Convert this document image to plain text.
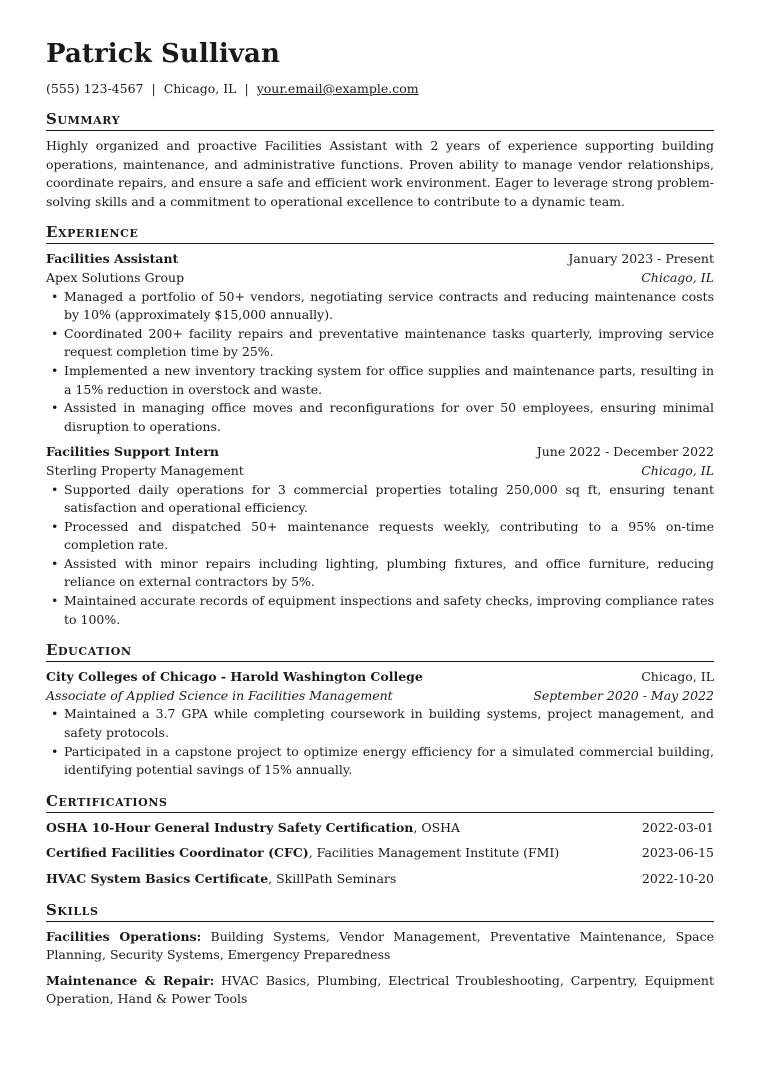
Patrick Sullivan
(555) 123-4567 | Chicago, IL | your.email@example.com
Summary
Highly organized and proactive Facilities Assistant with 2 years of experience supporting building operations, maintenance, and administrative functions. Proven ability to manage vendor relationships, coordinate repairs, and ensure a safe and efficient work environment. Eager to leverage strong problem-solving skills and a commitment to operational excellence to contribute to a dynamic team.
Experience
Facilities Assistant	January 2023 - Present
Apex Solutions Group	Chicago, IL
• Managed a portfolio of 50+ vendors, negotiating service contracts and reducing maintenance costs by 10% (approximately $15,000 annually).
• Coordinated 200+ facility repairs and preventative maintenance tasks quarterly, improving service request completion time by 25%.
• Implemented a new inventory tracking system for office supplies and maintenance parts, resulting in a 15% reduction in overstock and waste.
• Assisted in managing office moves and reconfigurations for over 50 employees, ensuring minimal disruption to operations.
Facilities Support Intern	June 2022 - December 2022
Sterling Property Management	Chicago, IL
• Supported daily operations for 3 commercial properties totaling 250,000 sq ft, ensuring tenant satisfaction and operational efficiency.
• Processed and dispatched 50+ maintenance requests weekly, contributing to a 95% on-time completion rate.
• Assisted with minor repairs including lighting, plumbing fixtures, and office furniture, reducing reliance on external contractors by 5%.
• Maintained accurate records of equipment inspections and safety checks, improving compliance rates to 100%.
Education
City Colleges of Chicago - Harold Washington College	Chicago, IL
Associate of Applied Science in Facilities Management	September 2020 - May 2022
• Maintained a 3.7 GPA while completing coursework in building systems, project management, and safety protocols.
• Participated in a capstone project to optimize energy efficiency for a simulated commercial building, identifying potential savings of 15% annually.
Certifications
OSHA 10-Hour General Industry Safety Certification, OSHA	2022-03-01
Certified Facilities Coordinator (CFC), Facilities Management Institute (FMI)	2023-06-15
HVAC System Basics Certificate, SkillPath Seminars	2022-10-20
Skills
Facilities Operations: Building Systems, Vendor Management, Preventative Maintenance, Space Planning, Security Systems, Emergency Preparedness
Maintenance & Repair: HVAC Basics, Plumbing, Electrical Troubleshooting, Carpentry, Equipment Operation, Hand & Power Tools
